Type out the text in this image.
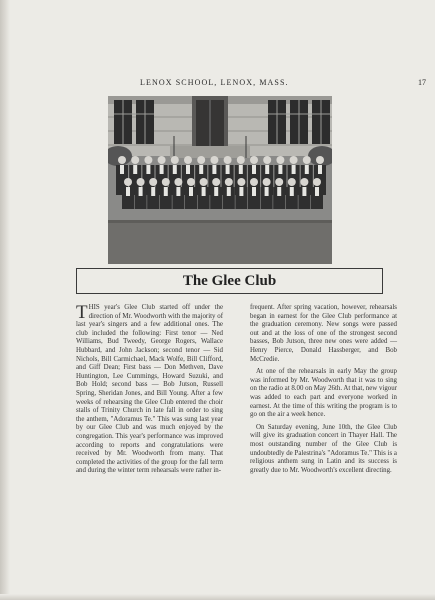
LENOX SCHOOL, LENOX, MASS.	17
The Glee Club

THIS year's Glee Club started off under the direction of Mr. Woodworth with the majority of last year's singers and a few additional ones. The club included the following: First tenor — Ned Williams, Bud Tweedy, George Rogers, Wallace Hubbard, and John Jackson; second tenor — Sid Nichols, Bill Carmichael, Mack Wolfe, Bill Clifford, and Giff Dean; First bass — Don Methven, Dave Huntington, Lee Cummings, Howard Suzuki, and Bob Hold; second bass — Bob Jutson, Russell Spring, Sheridan Jones, and Bill Young. After a few weeks of rehearsing the Glee Club entered the choir stalls of Trinity Church in late fall in order to sing the anthem, "Adoramus Te." This was sung last year by our Glee Club and was much enjoyed by the congregation. This year's performance was improved according to reports and congratulations were received by Mr. Woodworth from many. That completed the activities of the group for the fall term and during the winter term rehearsals were rather in-

frequent. After spring vacation, however, rehearsals began in earnest for the Glee Club performance at the graduation ceremony. New songs were passed out and at the loss of one of the strongest second basses, Bob Jutson, three new ones were added — Henry Pierce, Donald Hassberger, and Bob McCredie.

At one of the rehearsals in early May the group was informed by Mr. Woodworth that it was to sing on the radio at 8.00 on May 26th. At that, new vigour was added to each part and everyone worked in earnest. At the time of this writing the program is to go on the air a week hence.

On Saturday evening, June 10th, the Glee Club will give its graduation concert in Thayer Hall. The most outstanding number of the Glee Club is undoubtedly de Palestrina's "Adoramus Te." This is a religious anthem sung in Latin and its success is greatly due to Mr. Woodworth's excellent directing.
